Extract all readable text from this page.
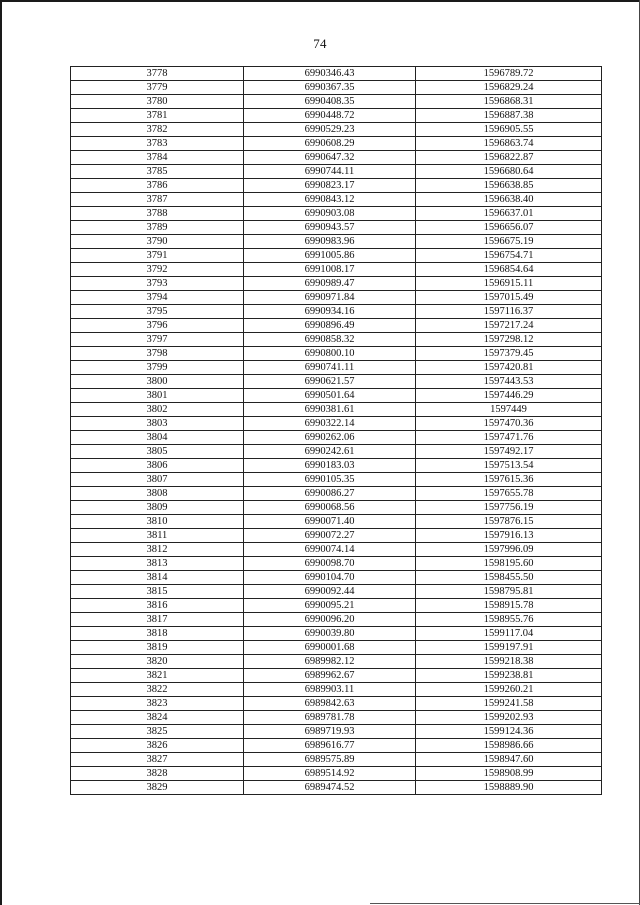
74
3778	6990346.43	1596789.72
3779	6990367.35	1596829.24
3780	6990408.35	1596868.31
3781	6990448.72	1596887.38
3782	6990529.23	1596905.55
3783	6990608.29	1596863.74
3784	6990647.32	1596822.87
3785	6990744.11	1596680.64
3786	6990823.17	1596638.85
3787	6990843.12	1596638.40
3788	6990903.08	1596637.01
3789	6990943.57	1596656.07
3790	6990983.96	1596675.19
3791	6991005.86	1596754.71
3792	6991008.17	1596854.64
3793	6990989.47	1596915.11
3794	6990971.84	1597015.49
3795	6990934.16	1597116.37
3796	6990896.49	1597217.24
3797	6990858.32	1597298.12
3798	6990800.10	1597379.45
3799	6990741.11	1597420.81
3800	6990621.57	1597443.53
3801	6990501.64	1597446.29
3802	6990381.61	1597449
3803	6990322.14	1597470.36
3804	6990262.06	1597471.76
3805	6990242.61	1597492.17
3806	6990183.03	1597513.54
3807	6990105.35	1597615.36
3808	6990086.27	1597655.78
3809	6990068.56	1597756.19
3810	6990071.40	1597876.15
3811	6990072.27	1597916.13
3812	6990074.14	1597996.09
3813	6990098.70	1598195.60
3814	6990104.70	1598455.50
3815	6990092.44	1598795.81
3816	6990095.21	1598915.78
3817	6990096.20	1598955.76
3818	6990039.80	1599117.04
3819	6990001.68	1599197.91
3820	6989982.12	1599218.38
3821	6989962.67	1599238.81
3822	6989903.11	1599260.21
3823	6989842.63	1599241.58
3824	6989781.78	1599202.93
3825	6989719.93	1599124.36
3826	6989616.77	1598986.66
3827	6989575.89	1598947.60
3828	6989514.92	1598908.99
3829	6989474.52	1598889.90
